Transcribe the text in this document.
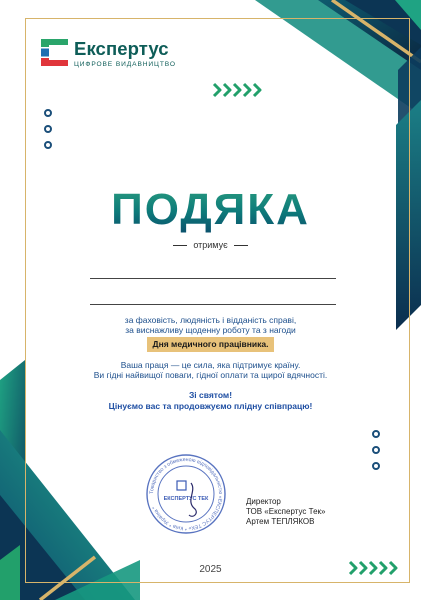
Експертус
ЦИФРОВЕ ВИДАВНИЦТВО
ПОДЯКА
отримує
за фаховість, людяність і відданість справі,
за виснажливу щоденну роботу та з нагоди
Дня медичного працівника.
Ваша праця — це сила, яка підтримує країну.
Ви гідні найвищої поваги, гідної оплати та щирої вдячності.
Зі святом!
Цінуємо вас та продовжуємо плідну співпрацю!
Товариство з обмеженою відповідальністю «ЕКСПЕРТУС ТЕК» * Київ * Україна *
ЕКСПЕРТУС ТЕК	Директор
ТОВ «Експертус Тек»
Артем ТЕПЛЯКОВ
2025
